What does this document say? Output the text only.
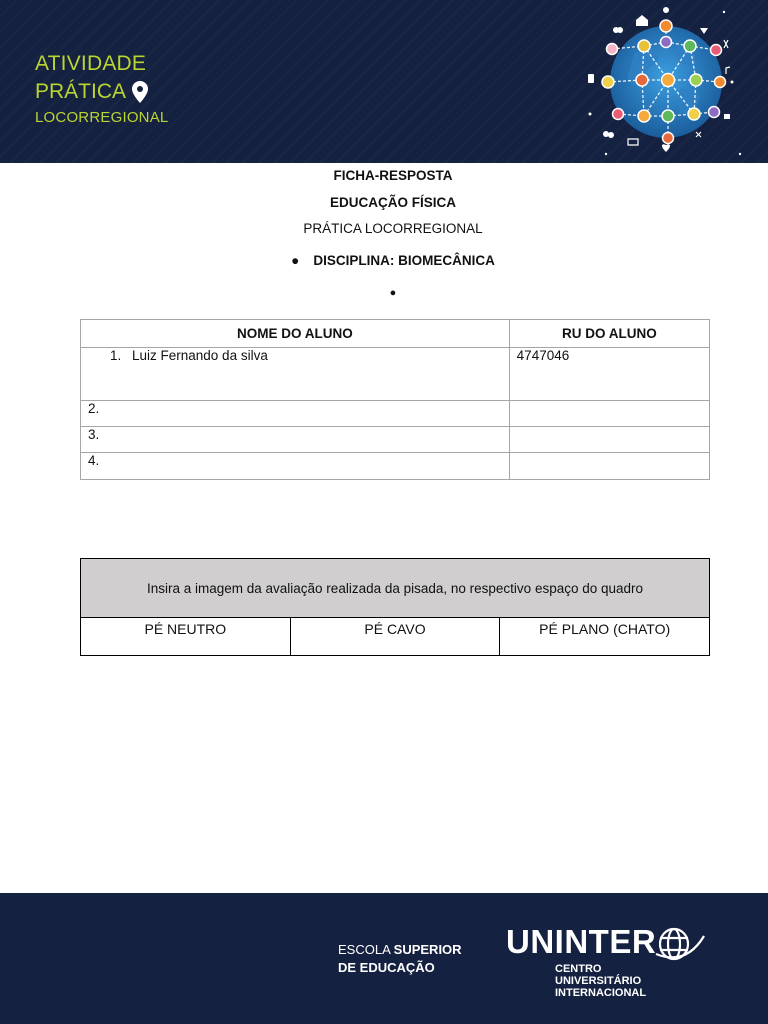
ATIVIDADE
PRÁTICA
LOCORREGIONAL
FICHA-RESPOSTA
EDUCAÇÃO FÍSICA
PRÁTICA LOCORREGIONAL
● DISCIPLINA: BIOMECÂNICA
●
NOME DO ALUNO	RU DO ALUNO
1. Luiz Fernando da silva	4747046
2.	
3.	
4.	
Insira a imagem da avaliação realizada da pisada, no respectivo espaço do quadro
PÉ NEUTRO	PÉ CAVO	PÉ PLANO (CHATO)
ESCOLA SUPERIOR
DE EDUCAÇÃO
UNINTER
CENTRO
UNIVERSITÁRIO
INTERNACIONAL
